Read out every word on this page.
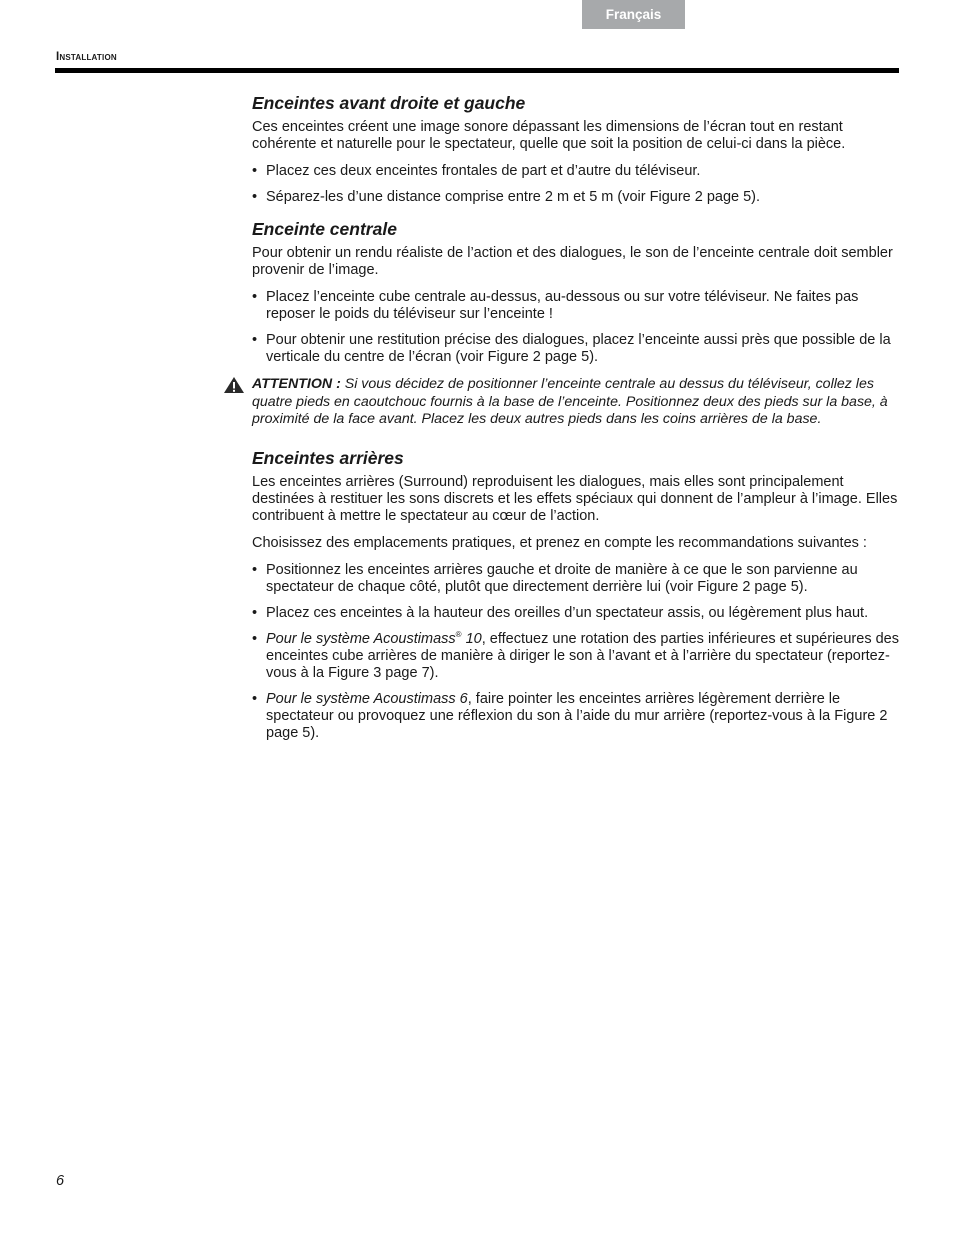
Français
Installation
Enceintes avant droite et gauche

Ces enceintes créent une image sonore dépassant les dimensions de l’écran tout en restant cohérente et naturelle pour le spectateur, quelle que soit la position de celui-ci dans la pièce.

• Placez ces deux enceintes frontales de part et d’autre du téléviseur.
• Séparez-les d’une distance comprise entre 2 m et 5 m (voir Figure 2 page 5).
Enceinte centrale

Pour obtenir un rendu réaliste de l’action et des dialogues, le son de l’enceinte centrale doit sembler provenir de l’image.

• Placez l’enceinte cube centrale au-dessus, au-dessous ou sur votre téléviseur. Ne faites pas reposer le poids du téléviseur sur l’enceinte !
• Pour obtenir une restitution précise des dialogues, placez l’enceinte aussi près que possible de la verticale du centre de l’écran (voir Figure 2 page 5).
ATTENTION : Si vous décidez de positionner l’enceinte centrale au dessus du téléviseur, collez les quatre pieds en caoutchouc fournis à la base de l’enceinte. Positionnez deux des pieds sur la base, à proximité de la face avant. Placez les deux autres pieds dans les coins arrières de la base.
Enceintes arrières

Les enceintes arrières (Surround) reproduisent les dialogues, mais elles sont principalement destinées à restituer les sons discrets et les effets spéciaux qui donnent de l’ampleur à l’image. Elles contribuent à mettre le spectateur au cœur de l’action.

Choisissez des emplacements pratiques, et prenez en compte les recommandations suivantes :

• Positionnez les enceintes arrières gauche et droite de manière à ce que le son parvienne au spectateur de chaque côté, plutôt que directement derrière lui (voir Figure 2 page 5).
• Placez ces enceintes à la hauteur des oreilles d’un spectateur assis, ou légèrement plus haut.
• Pour le système Acoustimass® 10, effectuez une rotation des parties inférieures et supérieures des enceintes cube arrières de manière à diriger le son à l’avant et à l’arrière du spectateur (reportez-vous à la Figure 3 page 7).
• Pour le système Acoustimass 6, faire pointer les enceintes arrières légèrement derrière le spectateur ou provoquez une réflexion du son à l’aide du mur arrière (reportez-vous à la Figure 2 page 5).
6
